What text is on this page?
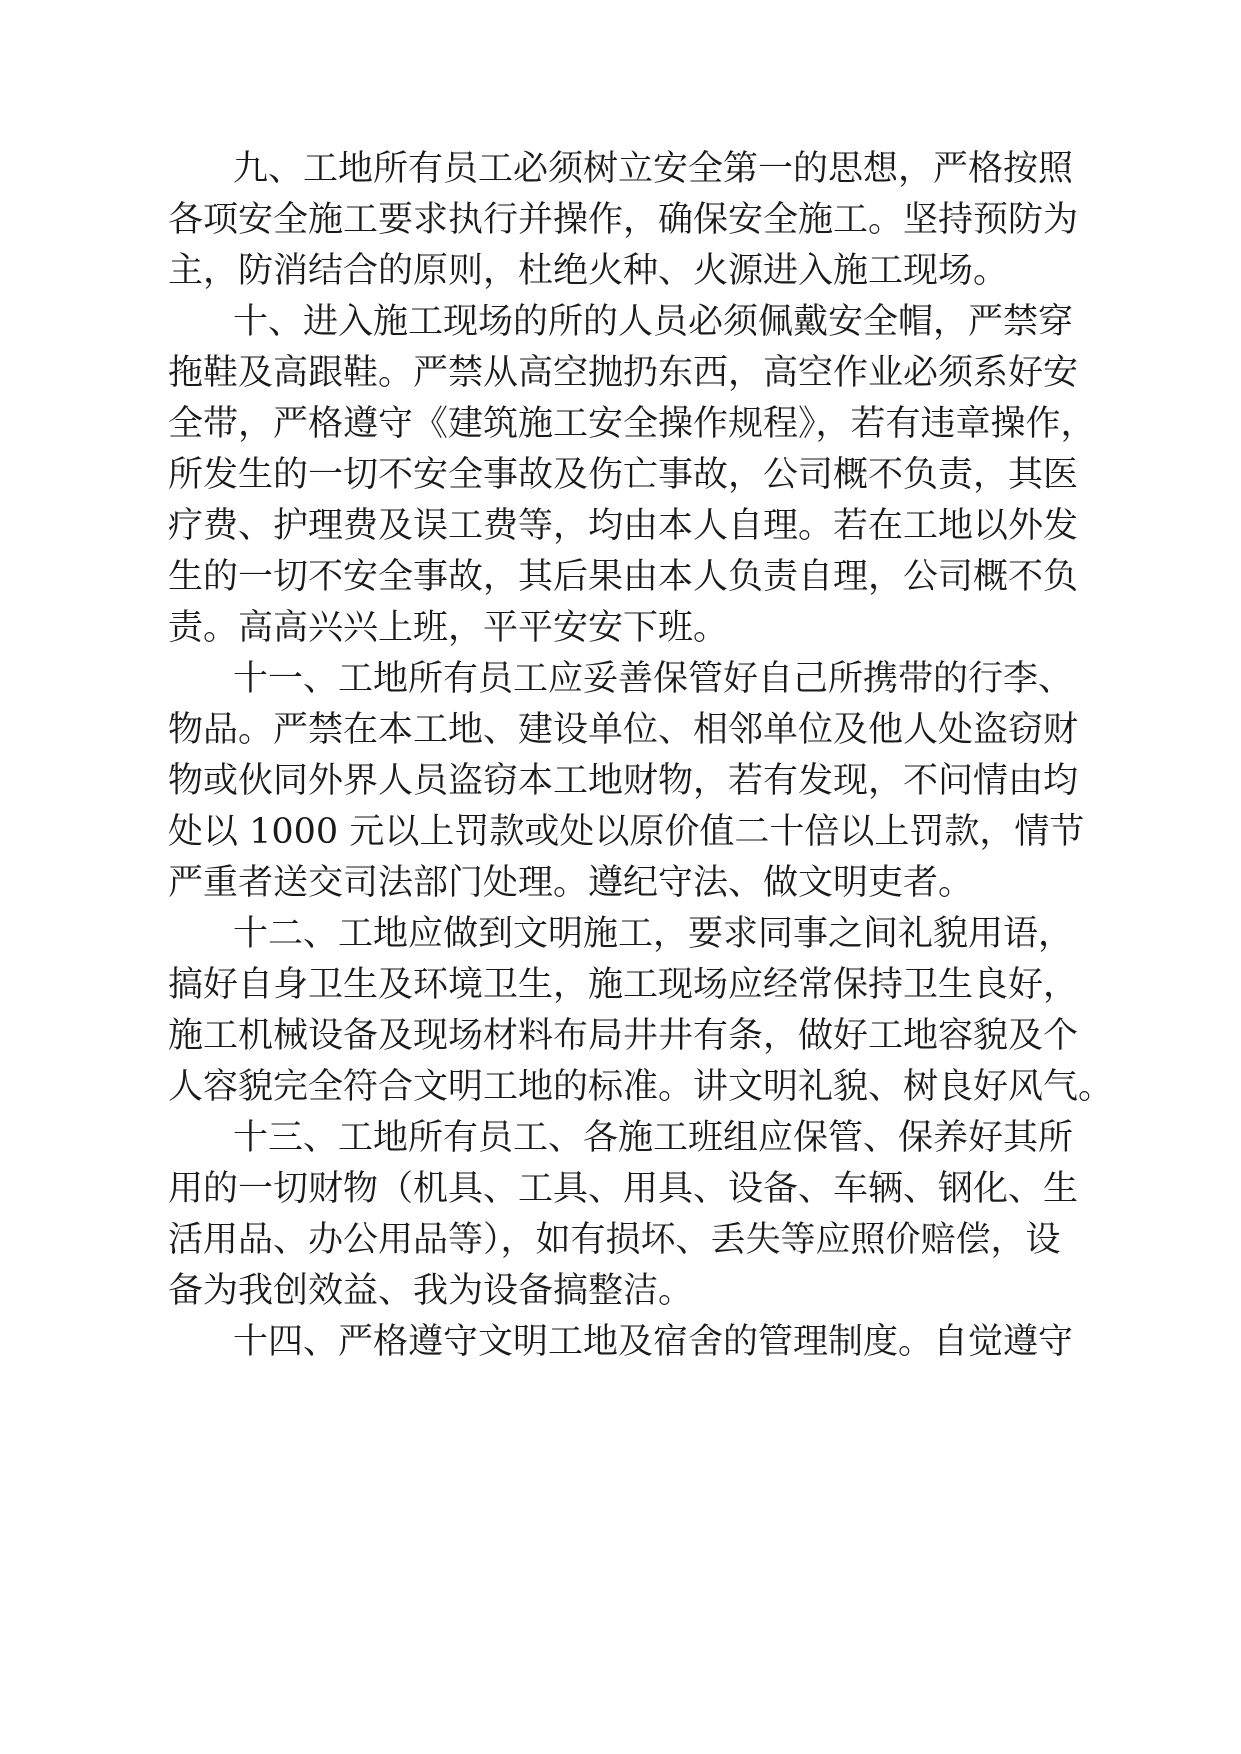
九、工地所有员工必须树立安全第一的思想，严格按照
各项安全施工要求执行并操作，确保安全施工。坚持预防为
主，防消结合的原则，杜绝火种、火源进入施工现场。
十、进入施工现场的所的人员必须佩戴安全帽，严禁穿
拖鞋及高跟鞋。严禁从高空抛扔东西，高空作业必须系好安
全带，严格遵守《建筑施工安全操作规程》，若有违章操作，
所发生的一切不安全事故及伤亡事故，公司概不负责，其医
疗费、护理费及误工费等，均由本人自理。若在工地以外发
生的一切不安全事故，其后果由本人负责自理，公司概不负
责。高高兴兴上班，平平安安下班。
十一、工地所有员工应妥善保管好自己所携带的行李、
物品。严禁在本工地、建设单位、相邻单位及他人处盗窃财
物或伙同外界人员盗窃本工地财物，若有发现，不问情由均
处以 1000 元以上罚款或处以原价值二十倍以上罚款，情节
严重者送交司法部门处理。遵纪守法、做文明吏者。
十二、工地应做到文明施工，要求同事之间礼貌用语，
搞好自身卫生及环境卫生，施工现场应经常保持卫生良好，
施工机械设备及现场材料布局井井有条，做好工地容貌及个
人容貌完全符合文明工地的标准。讲文明礼貌、树良好风气。
十三、工地所有员工、各施工班组应保管、保养好其所
用的一切财物（机具、工具、用具、设备、车辆、钢化、生
活用品、办公用品等），如有损坏、丢失等应照价赔偿，设
备为我创效益、我为设备搞整洁。
十四、严格遵守文明工地及宿舍的管理制度。自觉遵守
